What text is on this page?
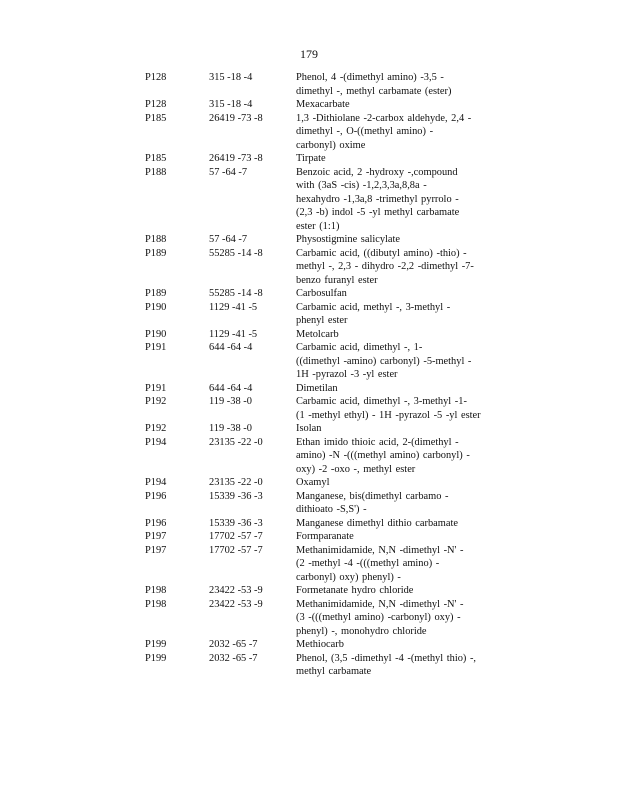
179
P128	315 -18 -4	Phenol, 4 -(dimethyl amino) -3,5 -
dimethyl -, methyl carbamate (ester)
P128	315 -18 -4	Mexacarbate
P185	26419 -73 -8	1,3 -Dithiolane -2-carbox aldehyde, 2,4 -
dimethyl -, O-((methyl amino) -
carbonyl) oxime
P185	26419 -73 -8	Tirpate
P188	57 -64 -7	Benzoic acid, 2 -hydroxy -,compound
with (3aS -cis) -1,2,3,3a,8,8a -
hexahydro -1,3a,8 -trimethyl pyrrolo -
(2,3 -b) indol -5 -yl methyl carbamate
ester (1:1)
P188	57 -64 -7	Physostigmine salicylate
P189	55285 -14 -8	Carbamic acid, ((dibutyl amino) -thio) -
methyl -, 2,3 - dihydro -2,2 -dimethyl -7-
benzo furanyl ester
P189	55285 -14 -8	Carbosulfan
P190	1129 -41 -5	Carbamic acid, methyl -, 3-methyl -
phenyl ester
P190	1129 -41 -5	Metolcarb
P191	644 -64 -4	Carbamic acid, dimethyl -, 1-
((dimethyl -amino) carbonyl) -5-methyl -
1H -pyrazol -3 -yl ester
P191	644 -64 -4	Dimetilan
P192	119 -38 -0	Carbamic acid, dimethyl -, 3-methyl -1-
(1 -methyl ethyl) - 1H -pyrazol -5 -yl ester
P192	119 -38 -0	Isolan
P194	23135 -22 -0	Ethan imido thioic acid, 2-(dimethyl -
amino) -N -(((methyl amino) carbonyl) -
oxy) -2 -oxo -, methyl ester
P194	23135 -22 -0	Oxamyl
P196	15339 -36 -3	Manganese, bis(dimethyl carbamo -
dithioato -S,S') -
P196	15339 -36 -3	Manganese dimethyl dithio carbamate
P197	17702 -57 -7	Formparanate
P197	17702 -57 -7	Methanimidamide, N,N -dimethyl -N' -
(2 -methyl -4 -(((methyl amino) -
carbonyl) oxy) phenyl) -
P198	23422 -53 -9	Formetanate hydro chloride
P198	23422 -53 -9	Methanimidamide, N,N -dimethyl -N' -
(3 -(((methyl amino) -carbonyl) oxy) -
phenyl) -, monohydro chloride
P199	2032 -65 -7	Methiocarb
P199	2032 -65 -7	Phenol, (3,5 -dimethyl -4 -(methyl thio) -,
methyl carbamate
